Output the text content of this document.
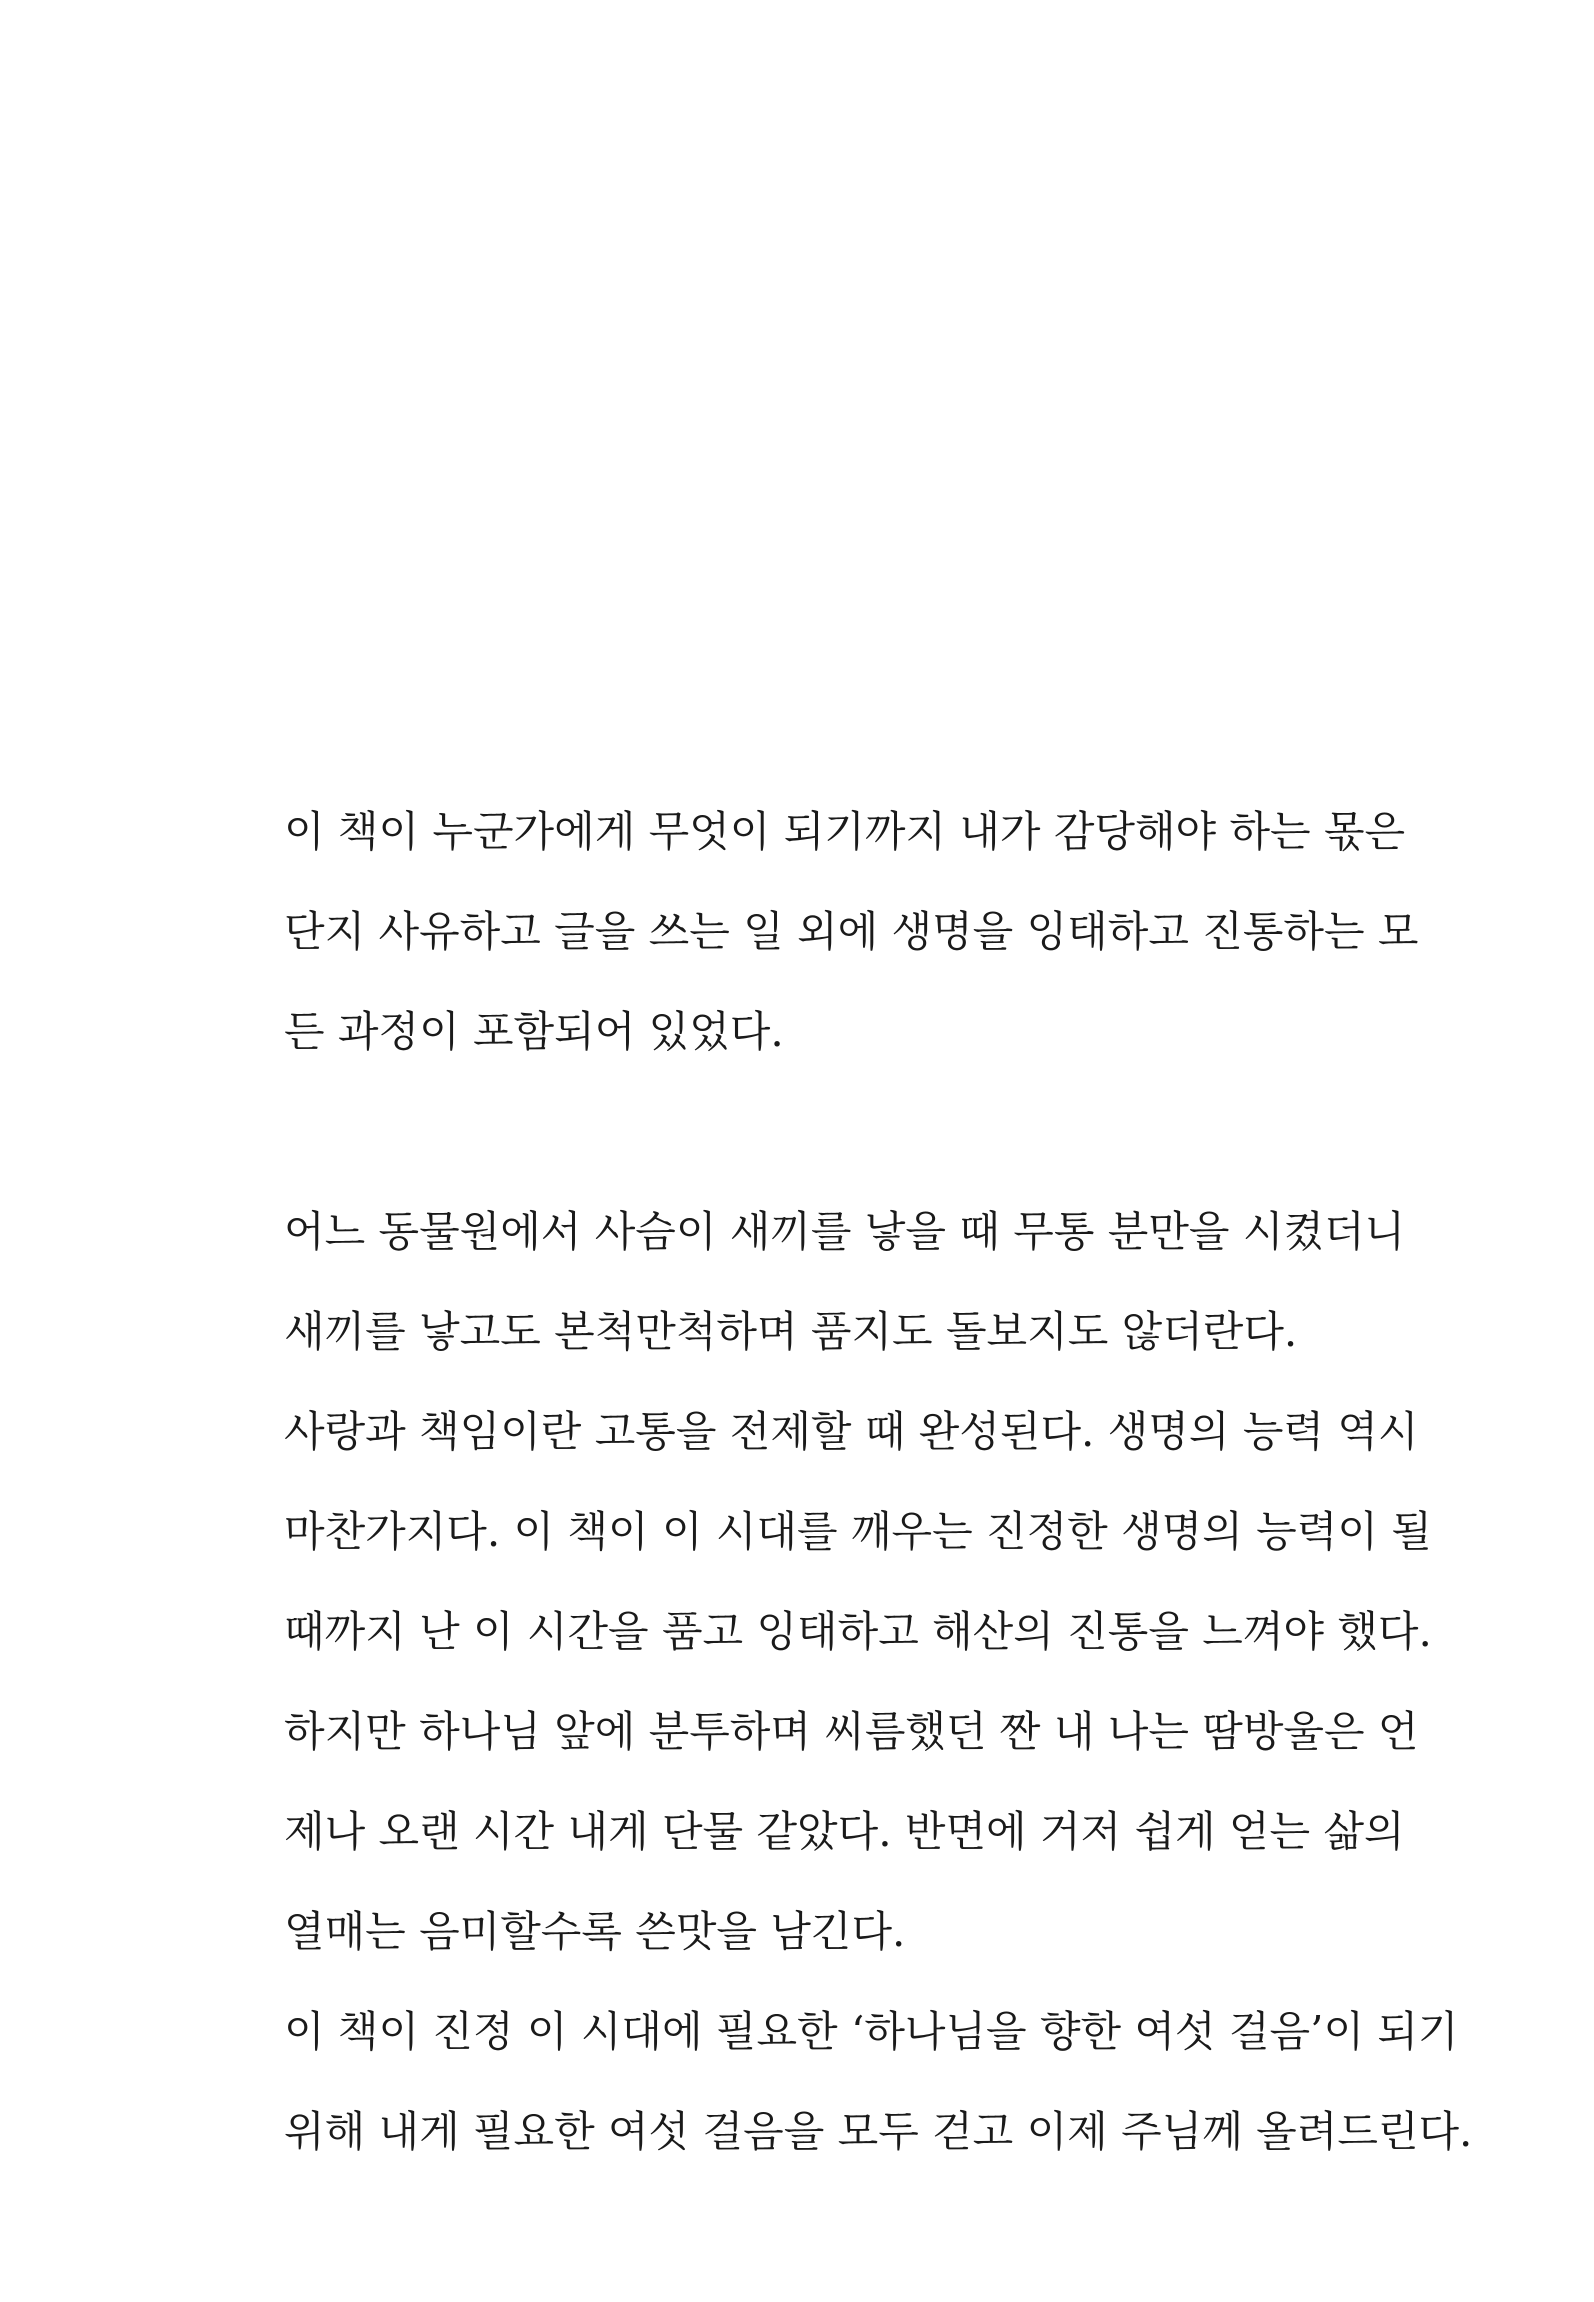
이 책이 누군가에게 무엇이 되기까지 내가 감당해야 하는 몫은
단지 사유하고 글을 쓰는 일 외에 생명을 잉태하고 진통하는 모
든 과정이 포함되어 있었다.
어느 동물원에서 사슴이 새끼를 낳을 때 무통 분만을 시켰더니
새끼를 낳고도 본척만척하며 품지도 돌보지도 않더란다.
사랑과 책임이란 고통을 전제할 때 완성된다. 생명의 능력 역시
마찬가지다. 이 책이 이 시대를 깨우는 진정한 생명의 능력이 될
때까지 난 이 시간을 품고 잉태하고 해산의 진통을 느껴야 했다.
하지만 하나님 앞에 분투하며 씨름했던 짠 내 나는 땀방울은 언
제나 오랜 시간 내게 단물 같았다. 반면에 거저 쉽게 얻는 삶의
열매는 음미할수록 쓴맛을 남긴다.
이 책이 진정 이 시대에 필요한 ‘하나님을 향한 여섯 걸음’이 되기
위해 내게 필요한 여섯 걸음을 모두 걷고 이제 주님께 올려드린다.
